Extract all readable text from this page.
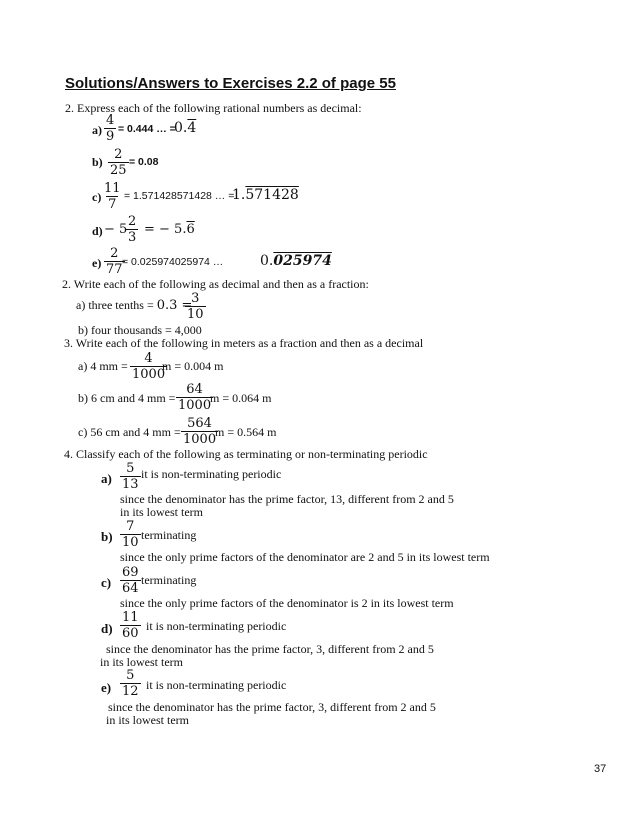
Solutions/Answers to Exercises 2.2 of page 55
2. Express each of the following rational numbers as decimal:
$a) \frac{4}{9} = 0.444$ … =
0.4
$b) \frac{2}{25} = 0.08$
$c) \frac{11}{7} = 1.571428571428$ … =
1.571428
d) − 5
$\frac{2}{3}$ = − 5.6
$e) \frac{2}{77}$
= 0.025974025974 …	0.025974
2. Write each of the following as decimal and then as a fraction:
a) three tenths = 0.3 =
$\frac{3}{10}$
b) four thousands = 4,000
3. Write each of the following in meters as a fraction and then as a decimal
a) 4 mm = $\frac{4}{1000}$
m = 0.004 m
b) 6 cm and 4 mm = $\frac{64}{1000}$
m = 0.064 m
c) 56 cm and 4 mm = $\frac{564}{1000}$
m = 0.564 m
4. Classify each of the following as terminating or non-terminating periodic
$a) \frac{5}{13}$ it is non-terminating periodic
since the denominator has the prime factor, 13, different from 2 and 5
in its lowest term
$b) \frac{7}{10}$ terminating
since the only prime factors of the denominator are 2 and 5 in its lowest term
$c) \frac{69}{64}$ terminating
since the only prime factors of the denominator is 2 in its lowest term
$d) \frac{11}{60}$ it is non-terminating periodic
since the denominator has the prime factor, 3, different from 2 and 5
in its lowest term
$e) \frac{5}{12}$ it is non-terminating periodic
since the denominator has the prime factor, 3, different from 2 and 5
in its lowest term
37
